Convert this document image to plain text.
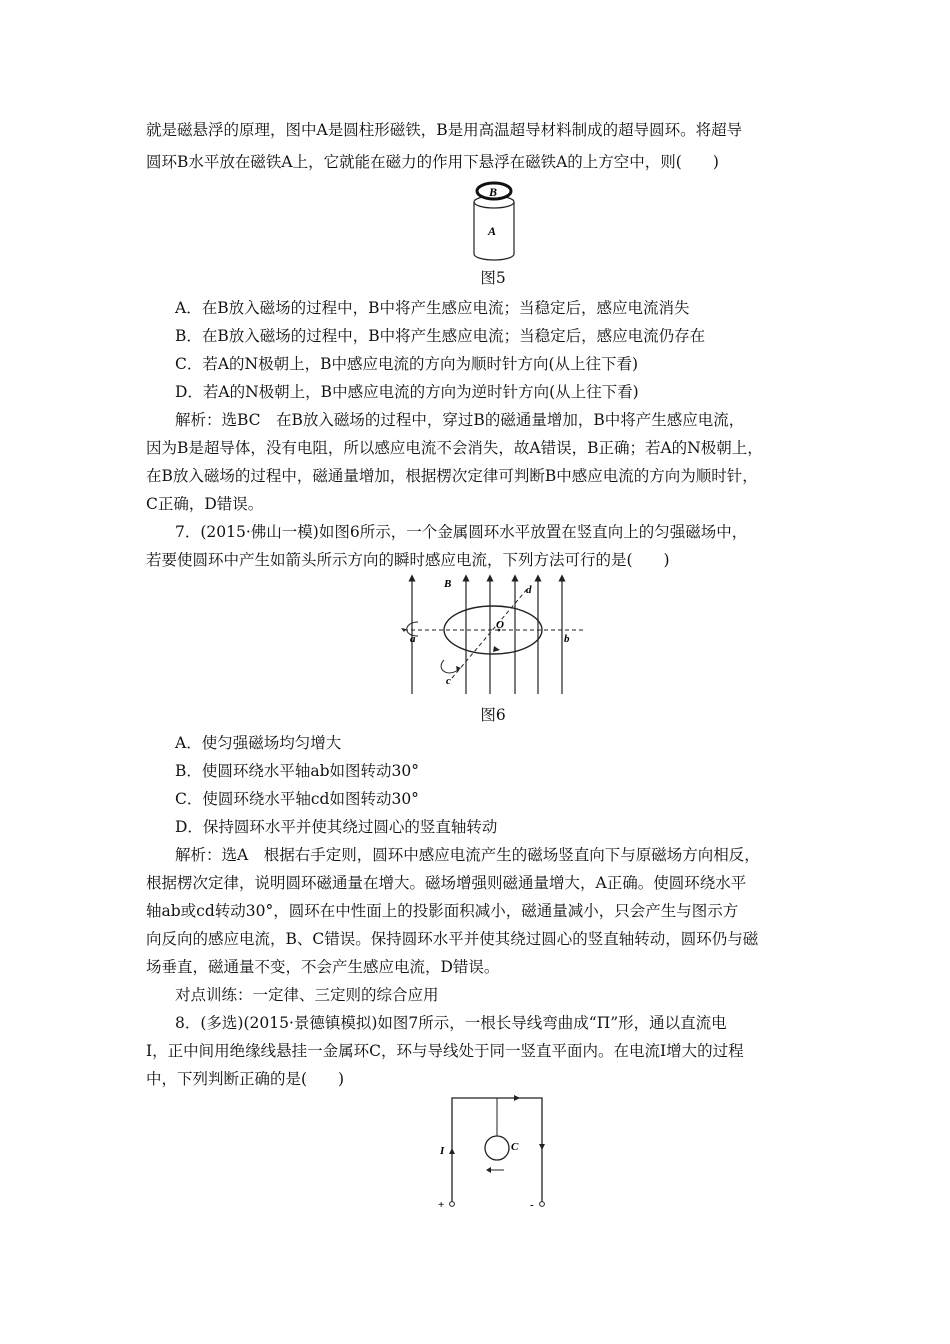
就是磁悬浮的原理，图中A是圆柱形磁铁，B是用高温超导材料制成的超导圆环。将超导
圆环B水平放在磁铁A上，它就能在磁力的作用下悬浮在磁铁A的上方空中，则(　　)
B
A
图5
A．在B放入磁场的过程中，B中将产生感应电流；当稳定后，感应电流消失
B．在B放入磁场的过程中，B中将产生感应电流；当稳定后，感应电流仍存在
C．若A的N极朝上，B中感应电流的方向为顺时针方向(从上往下看)
D．若A的N极朝上，B中感应电流的方向为逆时针方向(从上往下看)
解析：选BC　在B放入磁场的过程中，穿过B的磁通量增加，B中将产生感应电流，
因为B是超导体，没有电阻，所以感应电流不会消失，故A错误，B正确；若A的N极朝上，
在B放入磁场的过程中，磁通量增加，根据楞次定律可判断B中感应电流的方向为顺时针，
C正确，D错误。
7．(2015·佛山一模)如图6所示，一个金属圆环水平放置在竖直向上的匀强磁场中，
若要使圆环中产生如箭头所示方向的瞬时感应电流，下列方法可行的是(　　)
B
O
a	b
c
d
图6
A．使匀强磁场均匀增大
B．使圆环绕水平轴ab如图转动30°
C．使圆环绕水平轴cd如图转动30°
D．保持圆环水平并使其绕过圆心的竖直轴转动
解析：选A　根据右手定则，圆环中感应电流产生的磁场竖直向下与原磁场方向相反，
根据楞次定律，说明圆环磁通量在增大。磁场增强则磁通量增大，A正确。使圆环绕水平
轴ab或cd转动30°，圆环在中性面上的投影面积减小，磁通量减小，只会产生与图示方
向反向的感应电流，B、C错误。保持圆环水平并使其绕过圆心的竖直轴转动，圆环仍与磁
场垂直，磁通量不变，不会产生感应电流，D错误。
对点训练：一定律、三定则的综合应用
8．(多选)(2015·景德镇模拟)如图7所示，一根长导线弯曲成“Π”形，通以直流电
I，正中间用绝缘线悬挂一金属环C，环与导线处于同一竖直平面内。在电流I增大的过程
中，下列判断正确的是(　　)
I	C
+	-
